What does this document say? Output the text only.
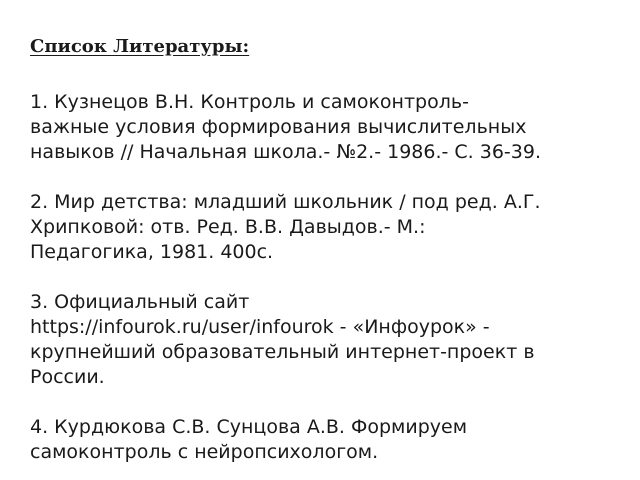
Список Литературы:
1. Кузнецов В.Н. Контроль и самоконтроль-
важные условия формирования вычислительных
навыков // Начальная школа.- №2.- 1986.- С. 36-39.
2. Мир детства: младший школьник / под ред. А.Г.
Хрипковой: отв. Ред. В.В. Давыдов.- М.:
Педагогика, 1981. 400с.
3. Официальный сайт
https://infourok.ru/user/infourok - «Инфоурок» -
крупнейший образовательный интернет-проект в
России.
4. Курдюкова С.В. Сунцова А.В. Формируем
самоконтроль с нейропсихологом.
